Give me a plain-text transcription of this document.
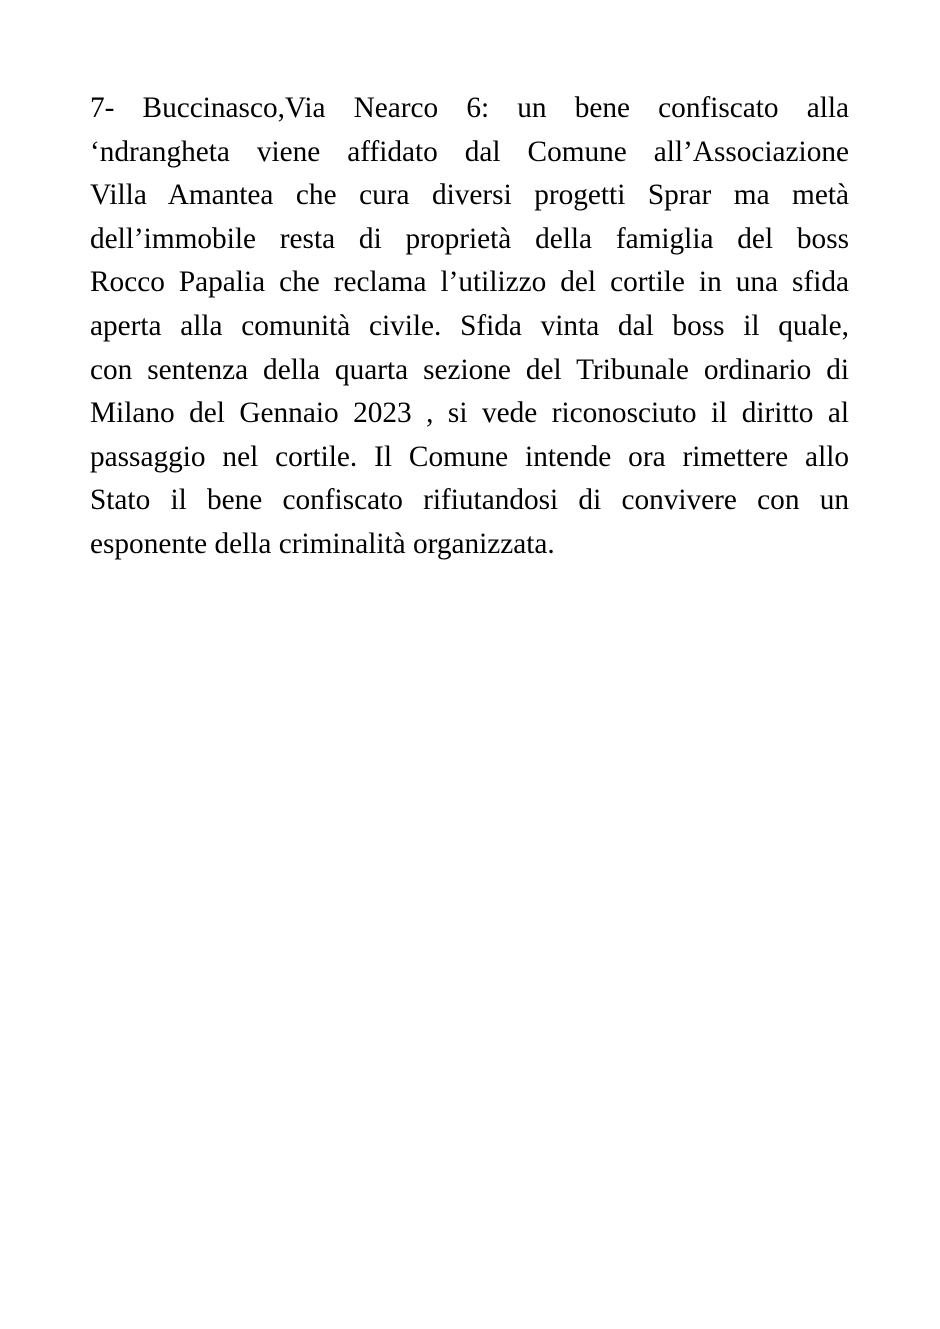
7- Buccinasco,Via Nearco 6: un bene confiscato alla
‘ndrangheta viene affidato dal Comune all’Associazione
Villa Amantea che cura diversi progetti Sprar ma metà
dell’immobile resta di proprietà della famiglia del boss
Rocco Papalia che reclama l’utilizzo del cortile in una sfida
aperta alla comunità civile. Sfida vinta dal boss il quale,
con sentenza della quarta sezione del Tribunale ordinario di
Milano del Gennaio 2023 , si vede riconosciuto il diritto al
passaggio nel cortile. Il Comune intende ora rimettere allo
Stato il bene confiscato rifiutandosi di convivere con un
esponente della criminalità organizzata.
